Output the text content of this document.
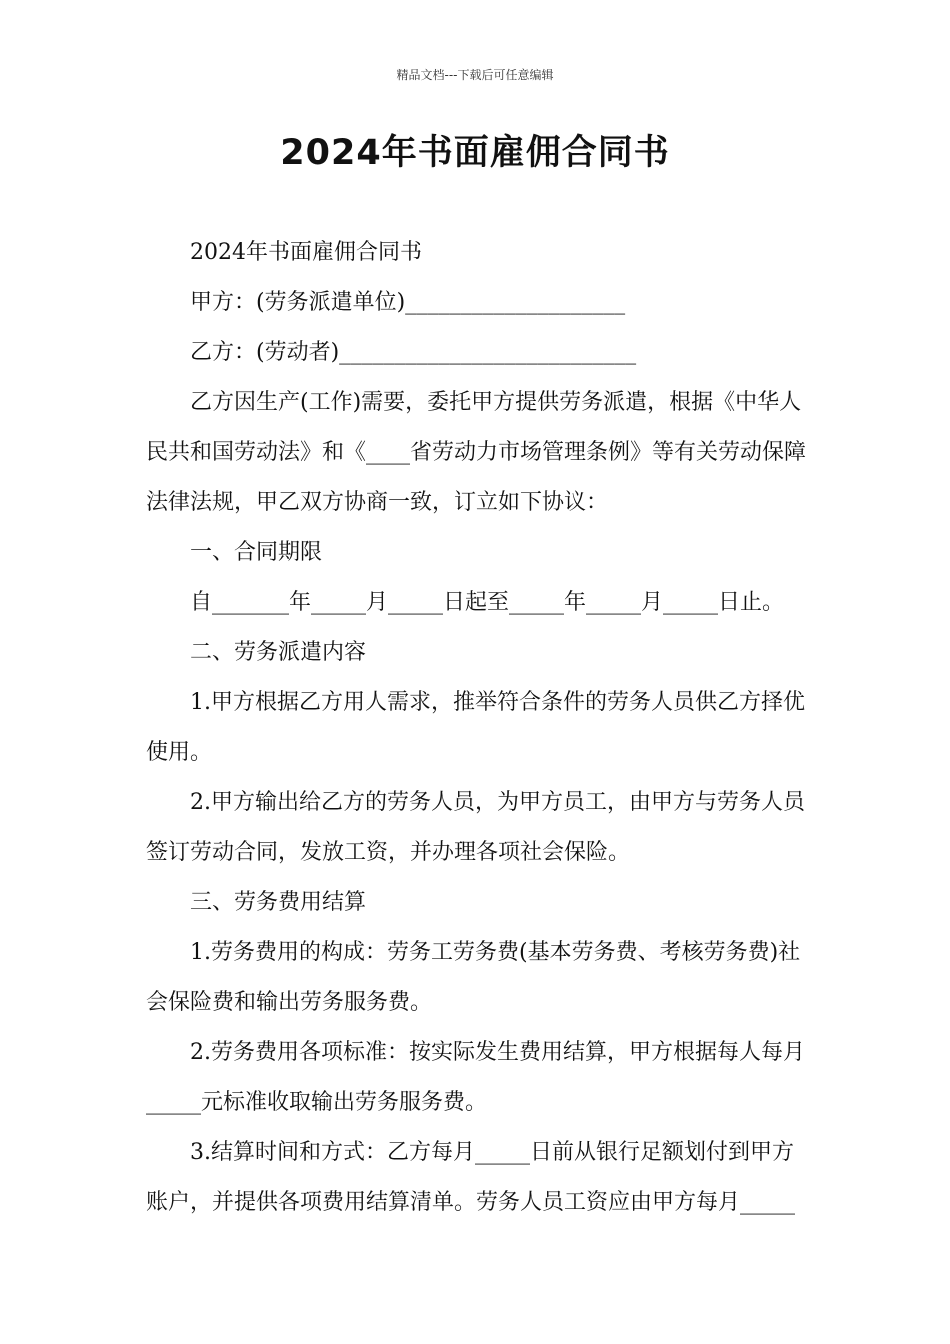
精品文档---下载后可任意编辑
2024年书面雇佣合同书

2024年书面雇佣合同书

甲方：(劳务派遣单位)____________________

乙方：(劳动者)___________________________

乙方因生产(工作)需要，委托甲方提供劳务派遣，根据《中华人民共和国劳动法》和《____省劳动力市场管理条例》等有关劳动保障法律法规，甲乙双方协商一致，订立如下协议：

一、合同期限

自_______年_____月_____日起至_____年_____月_____日止。

二、劳务派遣内容

1.甲方根据乙方用人需求，推举符合条件的劳务人员供乙方择优使用。

2.甲方输出给乙方的劳务人员，为甲方员工，由甲方与劳务人员签订劳动合同，发放工资，并办理各项社会保险。

三、劳务费用结算

1.劳务费用的构成：劳务工劳务费(基本劳务费、考核劳务费)社会保险费和输出劳务服务费。

2.劳务费用各项标准：按实际发生费用结算，甲方根据每人每月_____元标准收取输出劳务服务费。

3.结算时间和方式：乙方每月_____日前从银行足额划付到甲方账户，并提供各项费用结算清单。劳务人员工资应由甲方每月_____
